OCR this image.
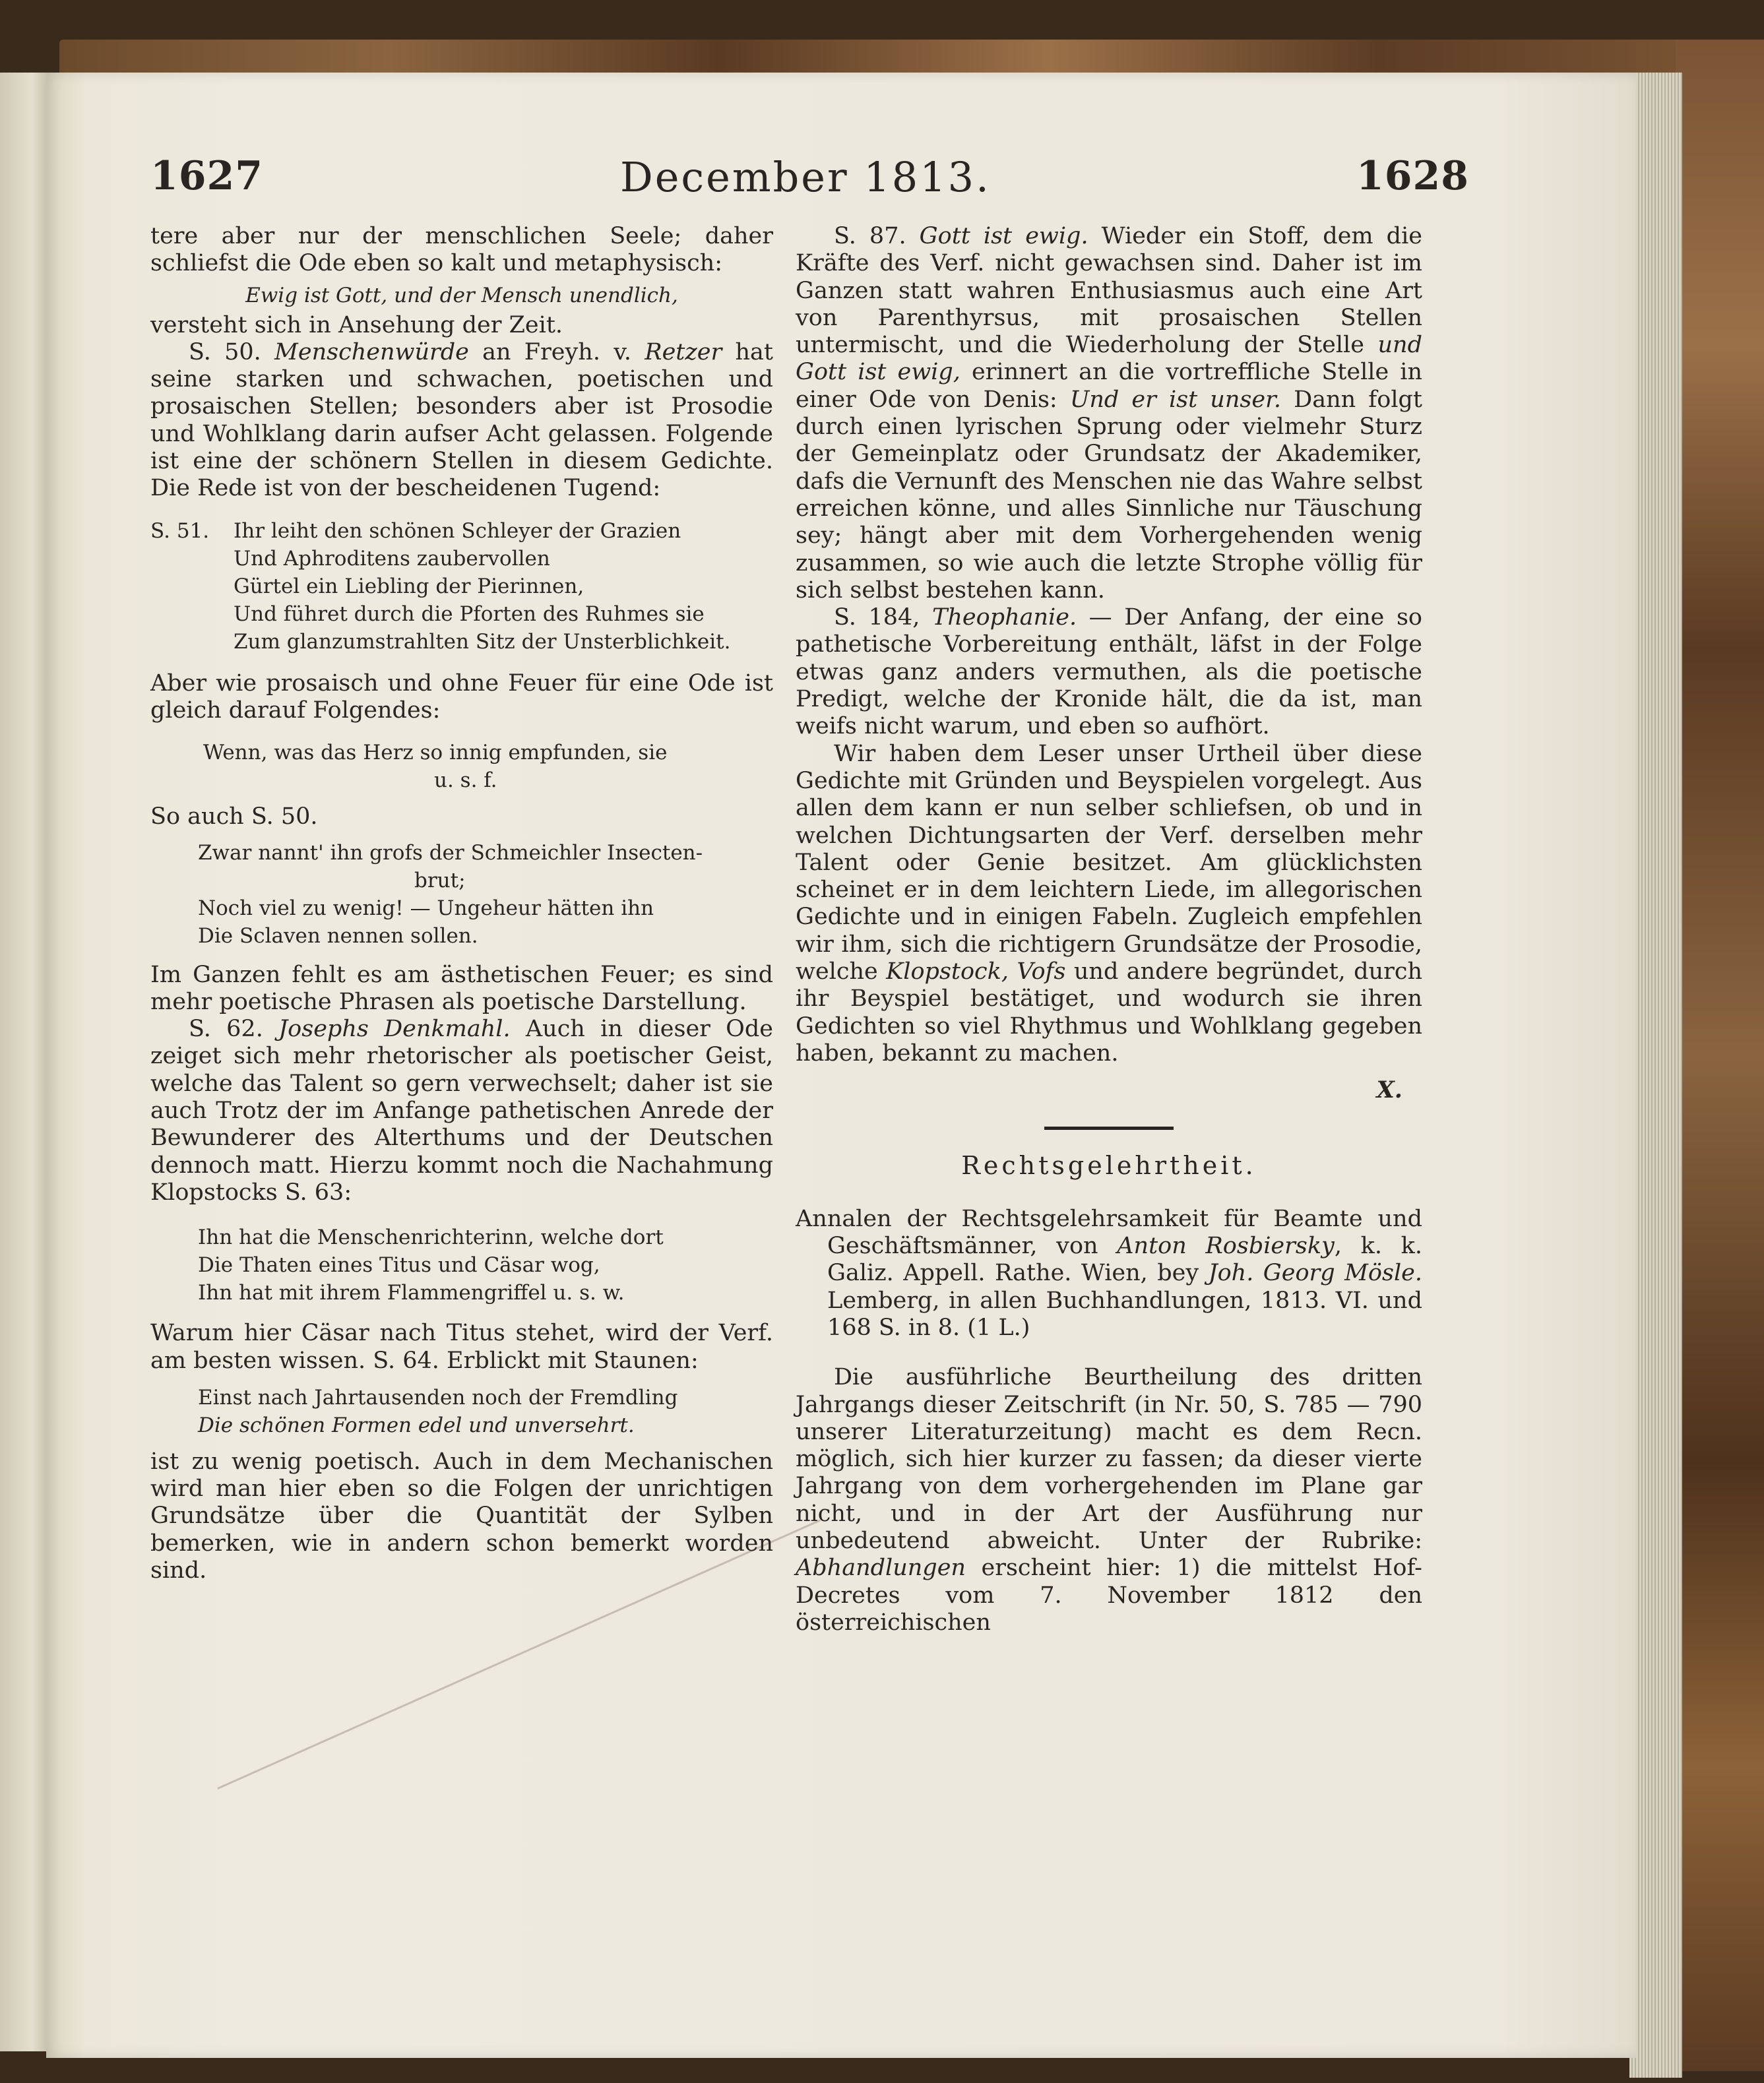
1627	December 1813.	1628

tere aber nur der menschlichen Seele; daher schliefst die Ode eben so kalt und metaphysisch:

Ewig ist Gott, und der Mensch unendlich,

versteht sich in Ansehung der Zeit.

S. 50. Menschenwürde an Freyh. v. Retzer hat seine starken und schwachen, poetischen und prosaischen Stellen; besonders aber ist Prosodie und Wohlklang darin aufser Acht gelassen. Folgende ist eine der schönern Stellen in diesem Gedichte. Die Rede ist von der bescheidenen Tugend:

S. 51. Ihr leiht den schönen Schleyer der Grazien
Und Aphroditens zaubervollen
Gürtel ein Liebling der Pierinnen,
Und führet durch die Pforten des Ruhmes sie
Zum glanzumstrahlten Sitz der Unsterblichkeit.

Aber wie prosaisch und ohne Feuer für eine Ode ist gleich darauf Folgendes:

Wenn, was das Herz so innig empfunden, sie
u. s. f.

So auch S. 50.

Zwar nannt' ihn grofs der Schmeichler Insecten-
brut;
Noch viel zu wenig! — Ungeheur hätten ihn
Die Sclaven nennen sollen.

Im Ganzen fehlt es am ästhetischen Feuer; es sind mehr poetische Phrasen als poetische Darstellung.

S. 62. Josephs Denkmahl. Auch in dieser Ode zeiget sich mehr rhetorischer als poetischer Geist, welche das Talent so gern verwechselt; daher ist sie auch Trotz der im Anfange pathetischen Anrede der Bewunderer des Alterthums und der Deutschen dennoch matt. Hierzu kommt noch die Nachahmung Klopstocks S. 63:

Ihn hat die Menschenrichterinn, welche dort
Die Thaten eines Titus und Cäsar wog,
Ihn hat mit ihrem Flammengriffel u. s. w.

Warum hier Cäsar nach Titus stehet, wird der Verf. am besten wissen. S. 64. Erblickt mit Staunen:

Einst nach Jahrtausenden noch der Fremdling
Die schönen Formen edel und unversehrt.

ist zu wenig poetisch. Auch in dem Mechanischen wird man hier eben so die Folgen der unrichtigen Grundsätze über die Quantität der Sylben bemerken, wie in andern schon bemerkt worden sind.

S. 87. Gott ist ewig. Wieder ein Stoff, dem die Kräfte des Verf. nicht gewachsen sind. Daher ist im Ganzen statt wahren Enthusiasmus auch eine Art von Parenthyrsus, mit prosaischen Stellen untermischt, und die Wiederholung der Stelle und Gott ist ewig, erinnert an die vortreffliche Stelle in einer Ode von Denis: Und er ist unser. Dann folgt durch einen lyrischen Sprung oder vielmehr Sturz der Gemeinplatz oder Grundsatz der Akademiker, dafs die Vernunft des Menschen nie das Wahre selbst erreichen könne, und alles Sinnliche nur Täuschung sey; hängt aber mit dem Vorhergehenden wenig zusammen, so wie auch die letzte Strophe völlig für sich selbst bestehen kann.

S. 184, Theophanie. — Der Anfang, der eine so pathetische Vorbereitung enthält, läfst in der Folge etwas ganz anders vermuthen, als die poetische Predigt, welche der Kronide hält, die da ist, man weifs nicht warum, und eben so aufhört.

Wir haben dem Leser unser Urtheil über diese Gedichte mit Gründen und Beyspielen vorgelegt. Aus allen dem kann er nun selber schliefsen, ob und in welchen Dichtungsarten der Verf. derselben mehr Talent oder Genie besitzet. Am glücklichsten scheinet er in dem leichtern Liede, im allegorischen Gedichte und in einigen Fabeln. Zugleich empfehlen wir ihm, sich die richtigern Grundsätze der Prosodie, welche Klopstock, Vofs und andere begründet, durch ihr Beyspiel bestätiget, und wodurch sie ihren Gedichten so viel Rhythmus und Wohlklang gegeben haben, bekannt zu machen.

X.
Rechtsgelehrtheit.

Annalen der Rechtsgelehrsamkeit für Beamte und Geschäftsmänner, von Anton Rosbiersky, k. k. Galiz. Appell. Rathe. Wien, bey Joh. Georg Mösle. Lemberg, in allen Buchhandlungen, 1813. VI. und 168 S. in 8. (1 L.)

Die ausführliche Beurtheilung des dritten Jahrgangs dieser Zeitschrift (in Nr. 50, S. 785 — 790 unserer Literaturzeitung) macht es dem Recn. möglich, sich hier kurzer zu fassen; da dieser vierte Jahrgang von dem vorhergehenden im Plane gar nicht, und in der Art der Ausführung nur unbedeutend abweicht. Unter der Rubrike: Abhandlungen erscheint hier: 1) die mittelst Hof-Decretes vom 7. November 1812 den österreichischen
